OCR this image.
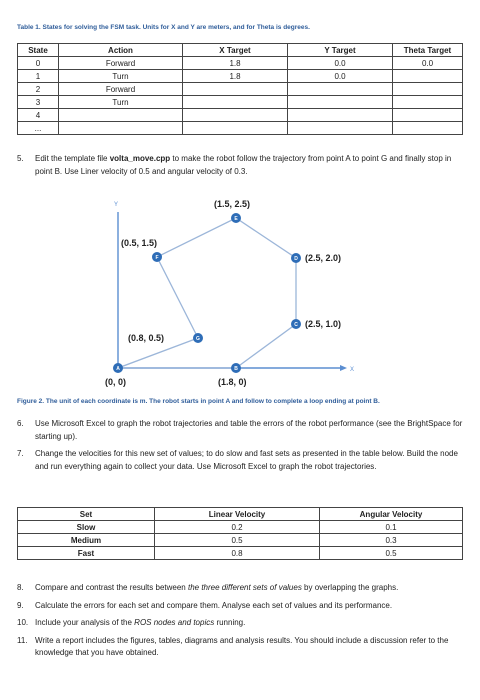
Table 1. States for solving the FSM task. Units for X and Y are meters, and for Theta is degrees.
State	Action	X Target	Y Target	Theta Target
0	Forward	1.8	0.0	0.0
1	Turn	1.8	0.0	
2	Forward			
3	Turn			
4				
...				
5. Edit the template file volta_move.cpp to make the robot follow the trajectory from point A to point G and finally stop in point B. Use Liner velocity of 0.5 and angular velocity of 0.3.
Y
X
A
(0, 0)
B
(1.8, 0)
C (2.5, 1.0)
D (2.5, 2.0)
E
(1.5, 2.5)
F
(0.5, 1.5)
G
(0.8, 0.5)
Figure 2. The unit of each coordinate is m. The robot starts in point A and follow to complete a loop ending at point B.
6. Use Microsoft Excel to graph the robot trajectories and table the errors of the robot performance (see the BrightSpace for starting up).
7. Change the velocities for this new set of values; to do slow and fast sets as presented in the table below. Build the node and run everything again to collect your data. Use Microsoft Excel to graph the robot trajectories.
Set	Linear Velocity	Angular Velocity
Slow	0.2	0.1
Medium	0.5	0.3
Fast	0.8	0.5
8. Compare and contrast the results between the three different sets of values by overlapping the graphs.
9. Calculate the errors for each set and compare them. Analyse each set of values and its performance.
10. Include your analysis of the ROS nodes and topics running.
11. Write a report includes the figures, tables, diagrams and analysis results. You should include a discussion refer to the knowledge that you have obtained.
